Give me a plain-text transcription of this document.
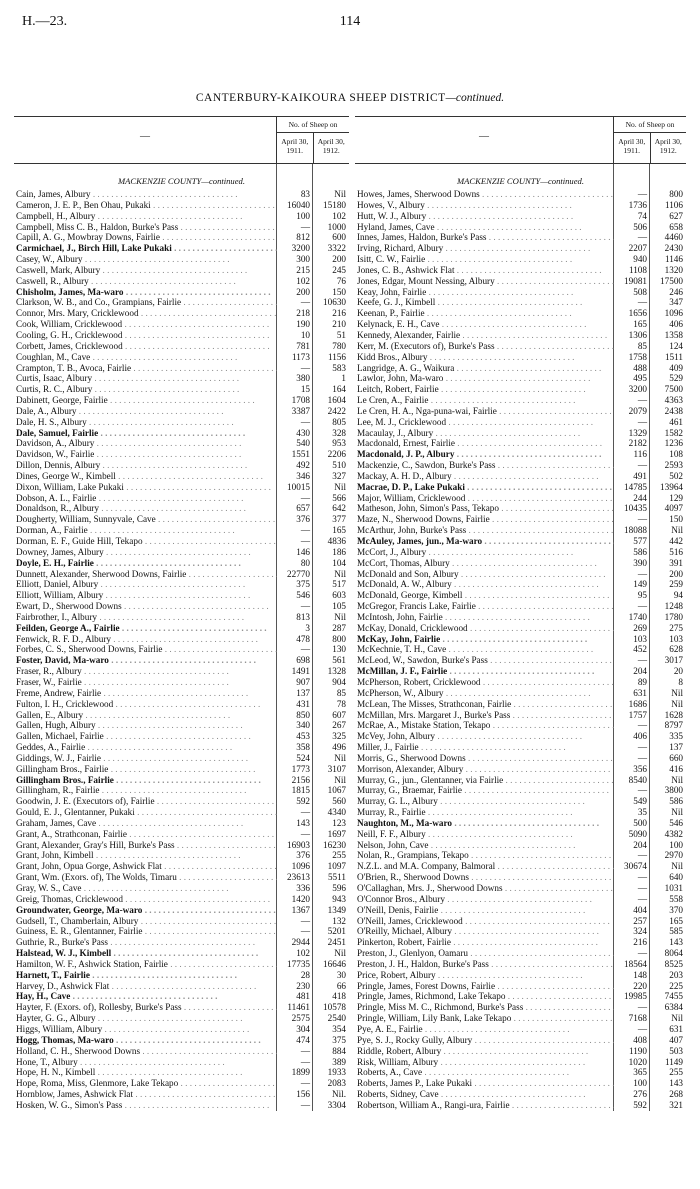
H.—23.	114
CANTERBURY-KAIKOURA SHEEP DISTRICT—continued.
—
No. of Sheep on
April 30, 1911.
April 30, 1912.
MACKENZIE COUNTY—continued.
Cain, James, Albury . . .	83	Nil
Cameron, J. E. P., Ben Ohau, Pukaki . . .	16040	15180
Campbell, H., Albury . . .	100	102
Campbell, Miss C. B., Haldon, Burke's Pass . . .	—	1000
Capill, A. G., Mowbray Downs, Fairlie . . .	812	600
Carmichael, J., Birch Hill, Lake Pukaki . . .	3200	3322
Casey, W., Albury . . .	300	200
Caswell, Mark, Albury . . .	215	245
Caswell, R., Albury . . .	102	76
Chisholm, James, Ma-waro . . .	200	150
Clarkson, W. B., and Co., Grampians, Fairlie . . .	—	10630
Connor, Mrs. Mary, Cricklewood . . .	218	216
Cook, William, Cricklewood . . .	190	210
Cooling, G. H., Cricklewood . . .	10	51
Corbett, James, Cricklewood . . .	781	780
Coughlan, M., Cave . . .	1173	1156
Crampton, T. B., Avoca, Fairlie . . .	—	583
Curtis, Isaac, Albury . . .	380	1
Curtis, R. C., Albury . . .	15	164
Dabinett, George, Fairlie . . .	1708	1604
Dale, A., Albury . . .	3387	2422
Dale, H. S., Albury . . .	—	805
Dale, Samuel, Fairlie . . .	430	328
Davidson, A., Albury . . .	540	953
Davidson, W., Fairlie . . .	1551	2206
Dillon, Dennis, Albury . . .	492	510
Dines, George W., Kimbell . . .	346	327
Dixon, William, Lake Pukaki . . .	10015	Nil
Dobson, A. L., Fairlie . . .	—	566
Donaldson, R., Albury . . .	657	642
Dougherty, William, Sunnyvale, Cave . . .	376	377
Dorman, A., Fairlie . . .	—	165
Dorman, E. F., Guide Hill, Tekapo . . .	—	4836
Downey, James, Albury . . .	146	186
Doyle, E. H., Fairlie . . .	80	104
Dunnett, Alexander, Sherwood Downs, Fairlie . . .	22770	Nil
Elliott, Daniel, Albury . . .	375	517
Elliott, William, Albury . . .	546	603
Ewart, D., Sherwood Downs . . .	—	105
Fairbrother, I., Albury . . .	813	Nil
Feilden, George A., Fairlie . . .	3	287
Fenwick, R. F. D., Albury . . .	478	800
Forbes, C. S., Sherwood Downs, Fairlie . . .	—	130
Foster, David, Ma-waro . . .	698	561
Fraser, R., Albury . . .	1491	1328
Fraser, W., Fairlie . . .	907	904
Freme, Andrew, Fairlie . . .	137	85
Fulton, I. H., Cricklewood . . .	431	78
Gallen, E., Albury . . .	850	607
Gallen, Hugh, Albury . . .	340	267
Gallen, Michael, Fairlie . . .	453	325
Geddes, A., Fairlie . . .	358	496
Giddings, W. J., Fairlie . . .	524	Nil
Gillingham Bros., Fairlie . . .	1773	3107
Gillingham Bros., Fairlie . . .	2156	Nil
Gillingham, R., Fairlie . . .	1815	1067
Goodwin, J. E. (Executors of), Fairlie . . .	592	560
Gould, E. J., Glentanner, Pukaki . . .	—	4340
Graham, James, Cave . . .	143	123
Grant, A., Strathconan, Fairlie . . .	—	1697
Grant, Alexander, Gray's Hill, Burke's Pass . . .	16903	16230
Grant, John, Kimbell . . .	376	255
Grant, John, Opua Gorge, Ashwick Flat . . .	1096	1097
Grant, Wm. (Exors. of), The Wolds, Timaru . . .	23613	5511
Gray, W. S., Cave . . .	336	596
Greig, Thomas, Cricklewood . . .	1420	943
Groundwater, George, Ma-waro . . .	1367	1349
Gudsell, T., Chamberlain, Albury . . .	—	132
Guiness, E. R., Glentanner, Fairlie . . .	—	5201
Guthrie, R., Burke's Pass . . .	2944	2451
Halstead, W. J., Kimbell . . .	102	Nil
Hamilton, W. F., Ashwick Station, Fairlie . . .	17735	16646
Harnett, T., Fairlie . . .	28	30
Harvey, D., Ashwick Flat . . .	230	66
Hay, H., Cave . . .	481	418
Hayter, F. (Exors. of), Rollesby, Burke's Pass . . .	11461	10578
Hayter, G. G., Albury . . .	2575	2540
Higgs, William, Albury . . .	304	354
Hogg, Thomas, Ma-waro . . .	474	375
Holland, C. H., Sherwood Downs . . .	—	884
Hone, T., Albury . . .	—	389
Hope, H. N., Kimbell . . .	1899	1933
Hope, Roma, Miss, Glenmore, Lake Tekapo . . .	—	2083
Hornblow, James, Ashwick Flat . . .	156	Nil.
Hosken, W. G., Simon's Pass . . .	—	3304
—
No. of Sheep on
April 30, 1911.
April 30, 1912.
MACKENZIE COUNTY—continued.
Howes, James, Sherwood Downs . . .	—	800
Howes, V., Albury . . .	1736	1106
Hutt, W. J., Albury . . .	74	627
Hyland, James, Cave . . .	506	658
Innes, James, Haldon, Burke's Pass . . .	—	4460
Irving, Richard, Albury . . .	2207	2430
Isitt, C. W., Fairlie . . .	940	1146
Jones, C. B., Ashwick Flat . . .	1108	1320
Jones, Edgar, Mount Nessing, Albury . . .	19081	17500
Keay, John, Fairlie . . .	508	246
Keefe, G. J., Kimbell . . .	—	347
Keenan, P., Fairlie . . .	1656	1096
Kelynack, E. H., Cave . . .	165	406
Kennedy, Alexander, Fairlie . . .	1306	1358
Kerr, M. (Executors of), Burke's Pass . . .	85	124
Kidd Bros., Albury . . .	1758	1511
Langridge, A. G., Waikura . . .	488	409
Lawlor, John, Ma-waro . . .	495	529
Leitch, Robert, Fairlie . . .	3200	7500
Le Cren, A., Fairlie . . .	—	4363
Le Cren, H. A., Nga-puna-wai, Fairlie . . .	2079	2438
Lee, M. J., Cricklewood . . .	—	461
Macaulay, J., Albury . . .	1329	1582
Macdonald, Ernest, Fairlie . . .	2182	1236
Macdonald, J. P., Albury . . .	116	108
Mackenzie, C., Sawdon, Burke's Pass . . .	—	2593
Mackay, A. H. D., Albury . . .	491	502
Macrae, D. P., Lake Pukaki . . .	14785	13964
Major, William, Cricklewood . . .	244	129
Matheson, John, Simon's Pass, Tekapo . . .	10435	4097
Maze, N., Sherwood Downs, Fairlie . . .	—	150
McArthur, John, Burke's Pass . . .	18088	Nil
McAuley, James, jun., Ma-waro . . .	577	442
McCort, J., Albury . . .	586	516
McCort, Thomas, Albury . . .	390	391
McDonald and Son, Albury . . .	—	200
McDonald, A. W., Albury . . .	149	259
McDonald, George, Kimbell . . .	95	94
McGregor, Francis Lake, Fairlie . . .	—	1248
McIntosh, John, Fairlie . . .	1740	1780
McKay, Donald, Cricklewood . . .	269	275
McKay, John, Fairlie . . .	103	103
McKechnie, T. H., Cave . . .	452	628
McLeod, W., Sawdon, Burke's Pass . . .	—	3017
McMillan, J. F., Fairlie . . .	204	20
McPherson, Robert, Cricklewood . . .	89	8
McPherson, W., Albury . . .	631	Nil
McLean, The Misses, Strathconan, Fairlie . . .	1686	Nil
McMillan, Mrs. Margaret J., Burke's Pass . . .	1757	1628
McRae, A., Mistake Station, Tekapo . . .	—	8797
McVey, John, Albury . . .	406	335
Miller, J., Fairlie . . .	—	137
Morris, G., Sherwood Downs . . .	—	660
Morrison, Alexander, Albury . . .	356	416
Murray, G., jun., Glentanner, via Fairlie . . .	8540	Nil
Murray, G., Braemar, Fairlie . . .	—	3800
Murray, G. L., Albury . . .	549	586
Murray, R., Fairlie . . .	35	Nil
Naughton, M., Ma-waro . . .	500	546
Neill, F. F., Albury . . .	5090	4382
Nelson, John, Cave . . .	204	100
Nolan, R., Grampians, Tekapo . . .	—	2970
N.Z.L. and M.A. Company, Balmoral . . .	30674	Nil
O'Brien, R., Sherwood Downs . . .	—	640
O'Callaghan, Mrs. J., Sherwood Downs . . .	—	1031
O'Connor Bros., Albury . . .	—	558
O'Neill, Denis, Fairlie . . .	404	370
O'Neill, James, Cricklewood . . .	257	165
O'Reilly, Michael, Albury . . .	324	585
Pinkerton, Robert, Fairlie . . .	216	143
Preston, J., Glenlyon, Oamaru . . .	—	8064
Preston, J. H., Haldon, Burke's Pass . . .	18564	8525
Price, Robert, Albury . . .	148	203
Pringle, James, Forest Downs, Fairlie . . .	220	225
Pringle, James, Richmond, Lake Tekapo . . .	19985	7455
Pringle, Miss M. C., Richmond, Burke's Pass . . .	—	6384
Pringle, William, Lily Bank, Lake Tekapo . . .	7168	Nil
Pye, A. E., Fairlie . . .	—	631
Pye, S. J., Rocky Gully, Albury . . .	408	407
Riddle, Robert, Albury . . .	1190	503
Risk, William, Albury . . .	1020	1149
Roberts, A., Cave . . .	365	255
Roberts, James P., Lake Pukaki . . .	100	143
Roberts, Sidney, Cave . . .	276	268
Robertson, William A., Rangi-ura, Fairlie . . .	592	321
